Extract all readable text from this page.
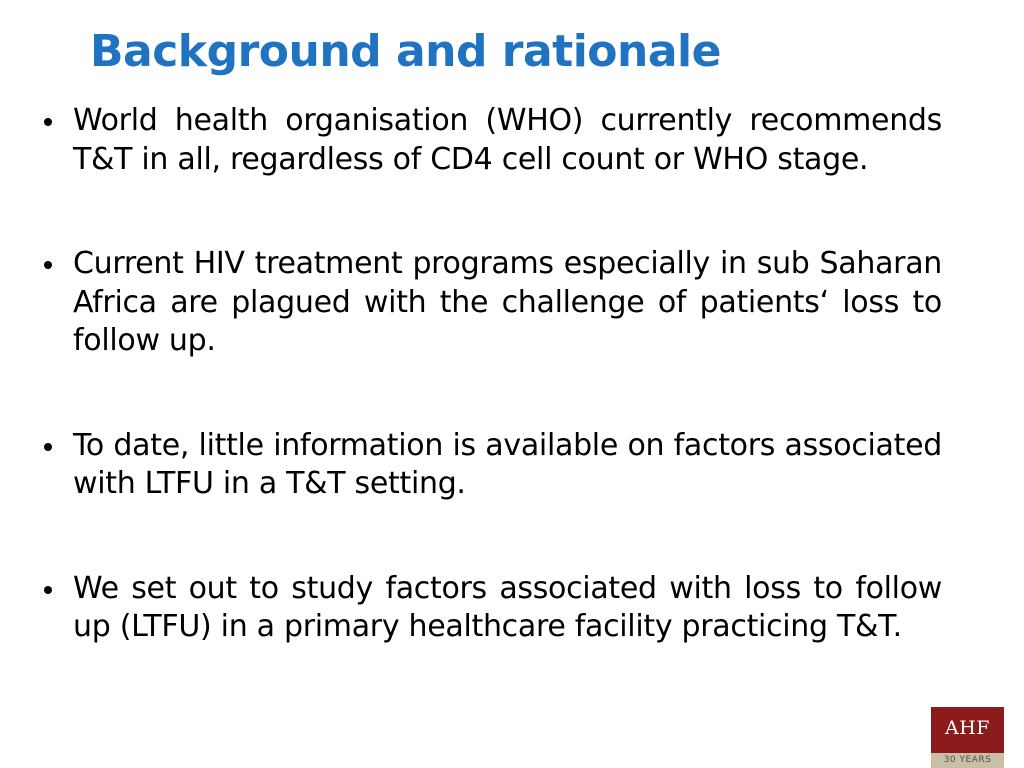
Background and rationale
World health organisation (WHO) currently recommends T&T in all, regardless of CD4 cell count or WHO stage.
Current HIV treatment programs especially in sub Saharan Africa are plagued with the challenge of patients‘ loss to follow up.
To date, little information is available on factors associated with LTFU in a T&T setting.
We set out to study factors associated with loss to follow up (LTFU) in a primary healthcare facility practicing T&T.
AHF
30 YEARS
